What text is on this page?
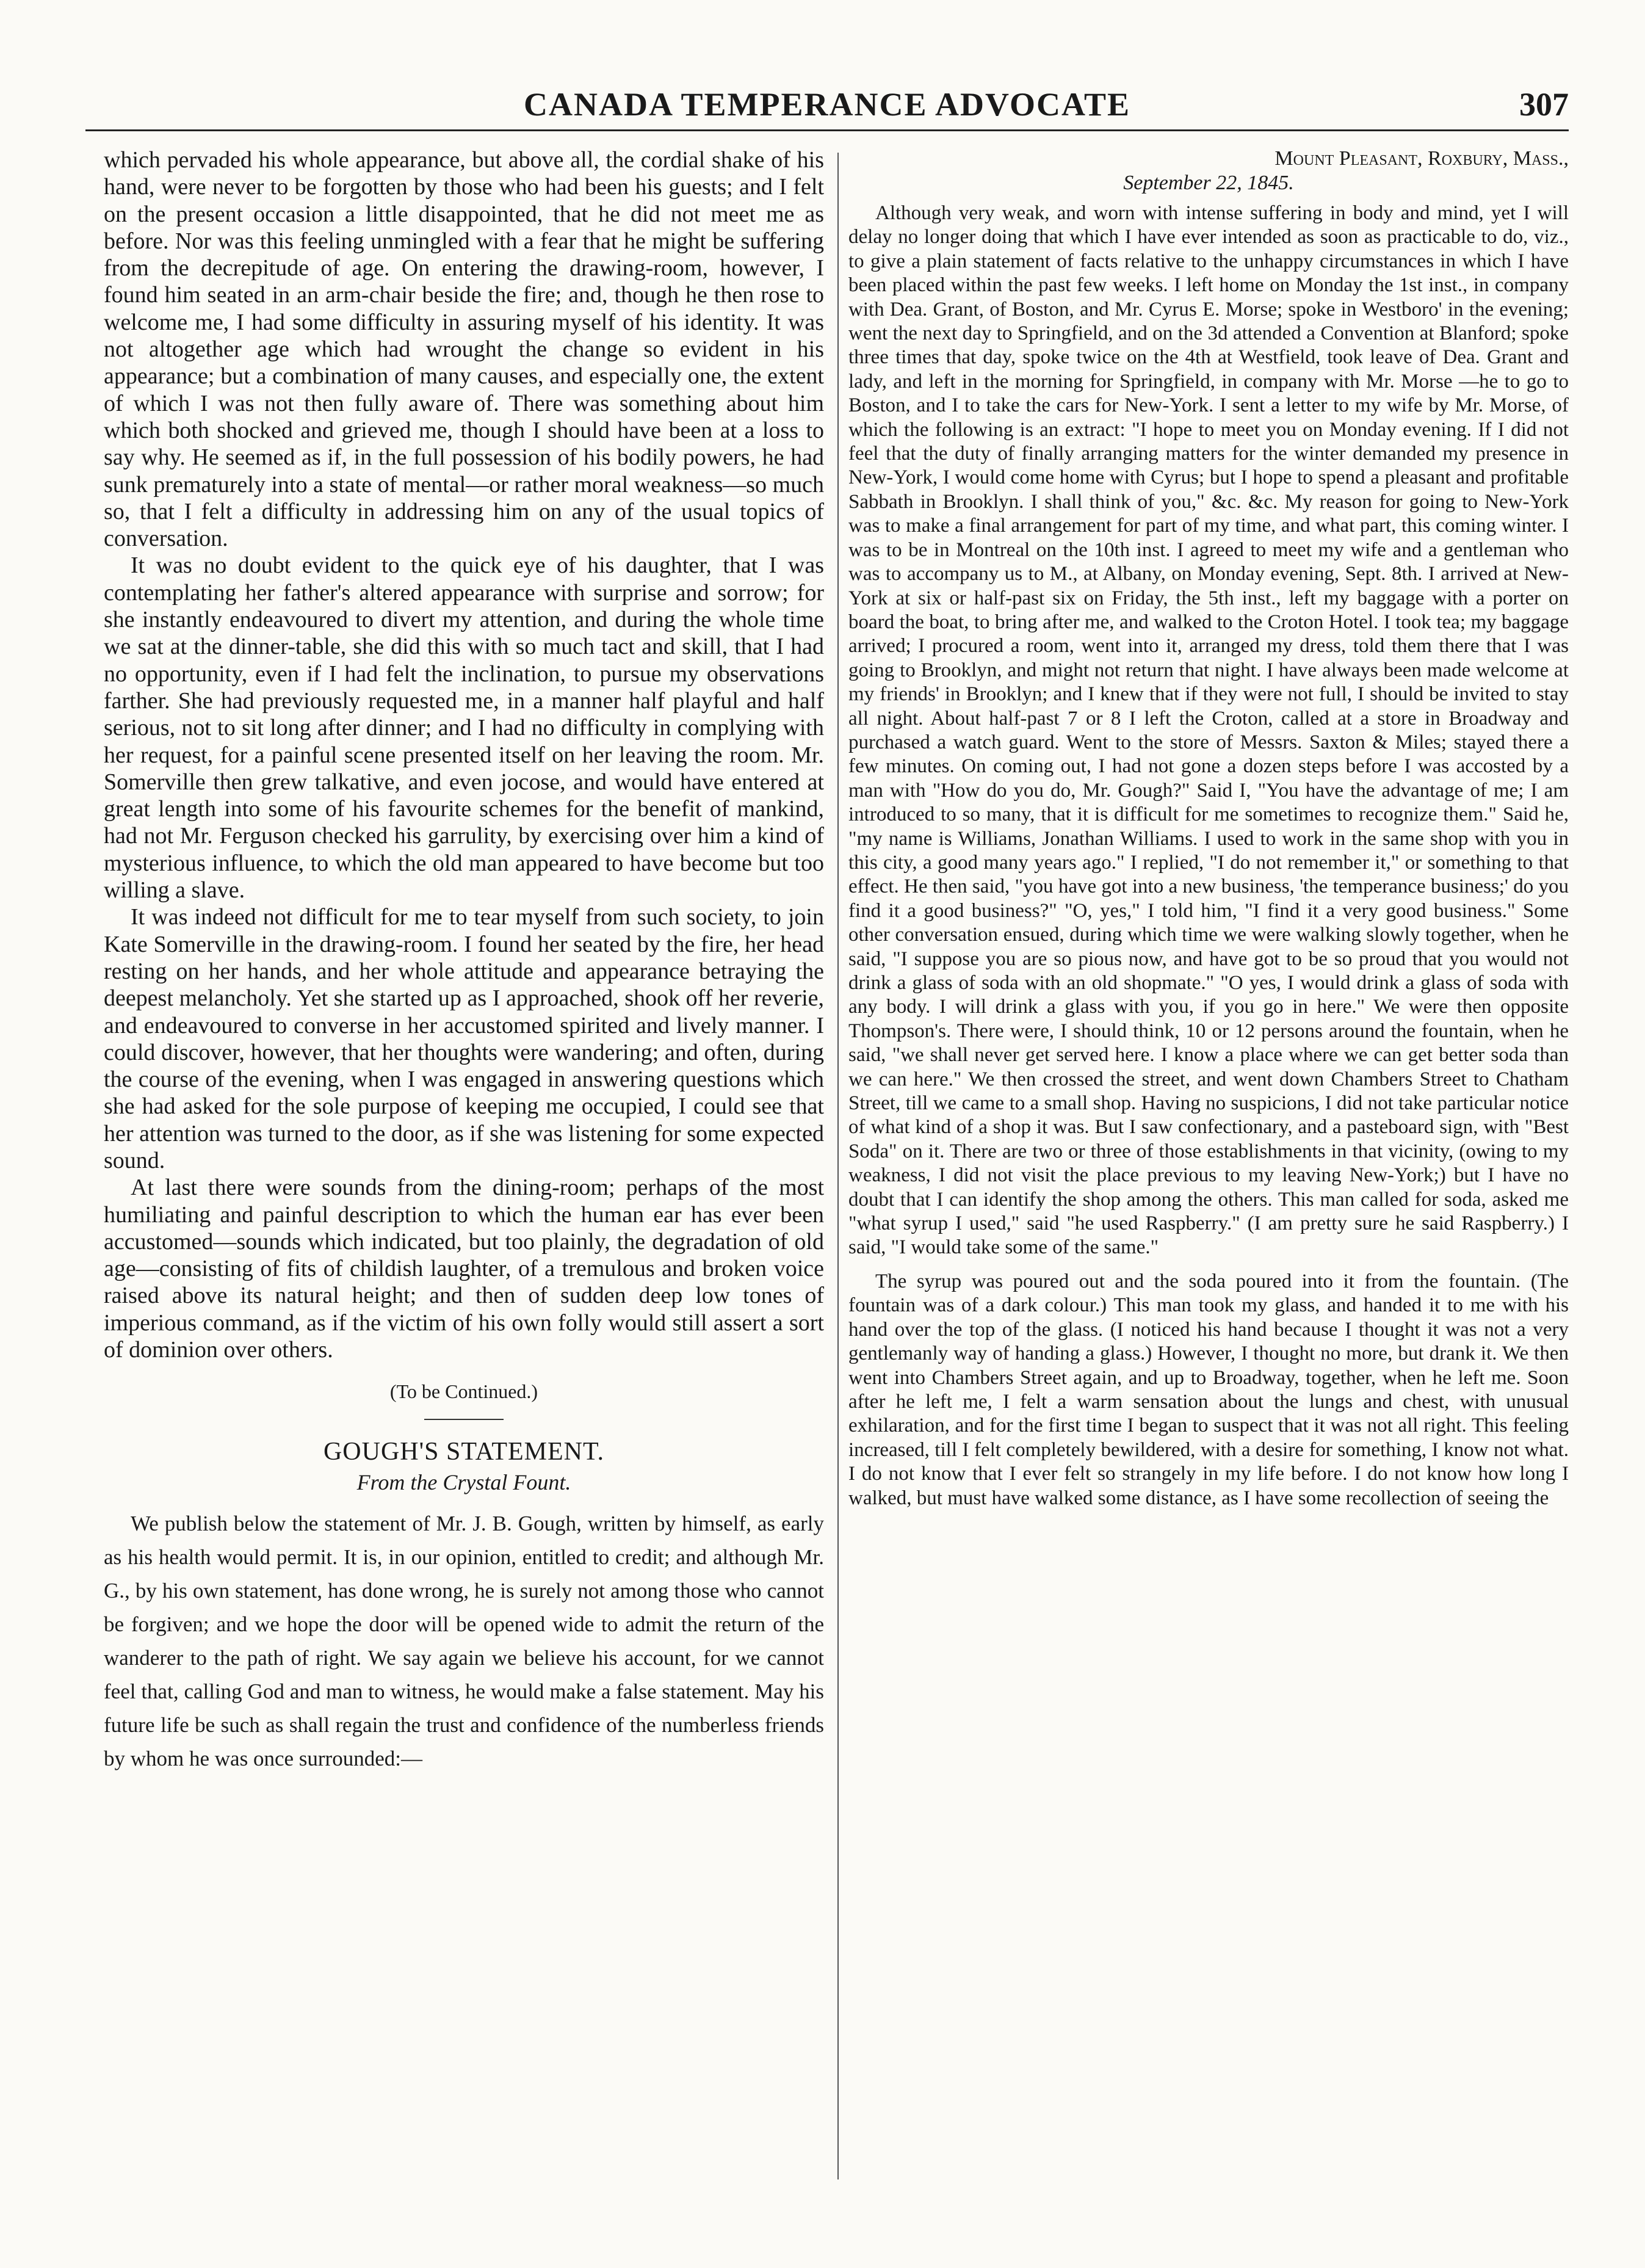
CANADA TEMPERANCE ADVOCATE	307

which pervaded his whole appearance, but above all, the cordial shake of his hand, were never to be forgotten by those who had been his guests; and I felt on the present occasion a little disappointed, that he did not meet me as before. Nor was this feeling unmingled with a fear that he might be suffering from the decrepitude of age. On entering the drawing-room, however, I found him seated in an arm-chair beside the fire; and, though he then rose to welcome me, I had some difficulty in assuring myself of his identity. It was not altogether age which had wrought the change so evident in his appearance; but a combination of many causes, and especially one, the extent of which I was not then fully aware of. There was something about him which both shocked and grieved me, though I should have been at a loss to say why. He seemed as if, in the full possession of his bodily powers, he had sunk prematurely into a state of mental—or rather moral weakness—so much so, that I felt a difficulty in addressing him on any of the usual topics of conversation.

It was no doubt evident to the quick eye of his daughter, that I was contemplating her father's altered appearance with surprise and sorrow; for she instantly endeavoured to divert my attention, and during the whole time we sat at the dinner-table, she did this with so much tact and skill, that I had no opportunity, even if I had felt the inclination, to pursue my observations farther. She had previously requested me, in a manner half playful and half serious, not to sit long after dinner; and I had no difficulty in complying with her request, for a painful scene presented itself on her leaving the room. Mr. Somerville then grew talkative, and even jocose, and would have entered at great length into some of his favourite schemes for the benefit of mankind, had not Mr. Ferguson checked his garrulity, by exercising over him a kind of mysterious influence, to which the old man appeared to have become but too willing a slave.

It was indeed not difficult for me to tear myself from such society, to join Kate Somerville in the drawing-room. I found her seated by the fire, her head resting on her hands, and her whole attitude and appearance betraying the deepest melancholy. Yet she started up as I approached, shook off her reverie, and endeavoured to converse in her accustomed spirited and lively manner. I could discover, however, that her thoughts were wandering; and often, during the course of the evening, when I was engaged in answering questions which she had asked for the sole purpose of keeping me occupied, I could see that her attention was turned to the door, as if she was listening for some expected sound.

At last there were sounds from the dining-room; perhaps of the most humiliating and painful description to which the human ear has ever been accustomed—sounds which indicated, but too plainly, the degradation of old age—consisting of fits of childish laughter, of a tremulous and broken voice raised above its natural height; and then of sudden deep low tones of imperious command, as if the victim of his own folly would still assert a sort of dominion over others.

(To be Continued.)

GOUGH'S STATEMENT.

From the Crystal Fount.

We publish below the statement of Mr. J. B. Gough, written by himself, as early as his health would permit. It is, in our opinion, entitled to credit; and although Mr. G., by his own statement, has done wrong, he is surely not among those who cannot be forgiven; and we hope the door will be opened wide to admit the return of the wanderer to the path of right. We say again we believe his account, for we cannot feel that, calling God and man to witness, he would make a false statement. May his future life be such as shall regain the trust and confidence of the numberless friends by whom he was once surrounded:—

Mount Pleasant, Roxbury, Mass.,

September 22, 1845.

Although very weak, and worn with intense suffering in body and mind, yet I will delay no longer doing that which I have ever intended as soon as practicable to do, viz., to give a plain statement of facts relative to the unhappy circumstances in which I have been placed within the past few weeks. I left home on Monday the 1st inst., in company with Dea. Grant, of Boston, and Mr. Cyrus E. Morse; spoke in Westboro' in the evening; went the next day to Springfield, and on the 3d attended a Convention at Blanford; spoke three times that day, spoke twice on the 4th at Westfield, took leave of Dea. Grant and lady, and left in the morning for Springfield, in company with Mr. Morse —he to go to Boston, and I to take the cars for New-York. I sent a letter to my wife by Mr. Morse, of which the following is an extract: "I hope to meet you on Monday evening. If I did not feel that the duty of finally arranging matters for the winter demanded my presence in New-York, I would come home with Cyrus; but I hope to spend a pleasant and profitable Sabbath in Brooklyn. I shall think of you," &c. &c. My reason for going to New-York was to make a final arrangement for part of my time, and what part, this coming winter. I was to be in Montreal on the 10th inst. I agreed to meet my wife and a gentleman who was to accompany us to M., at Albany, on Monday evening, Sept. 8th. I arrived at New-York at six or half-past six on Friday, the 5th inst., left my baggage with a porter on board the boat, to bring after me, and walked to the Croton Hotel. I took tea; my baggage arrived; I procured a room, went into it, arranged my dress, told them there that I was going to Brooklyn, and might not return that night. I have always been made welcome at my friends' in Brooklyn; and I knew that if they were not full, I should be invited to stay all night. About half-past 7 or 8 I left the Croton, called at a store in Broadway and purchased a watch guard. Went to the store of Messrs. Saxton & Miles; stayed there a few minutes. On coming out, I had not gone a dozen steps before I was accosted by a man with "How do you do, Mr. Gough?" Said I, "You have the advantage of me; I am introduced to so many, that it is difficult for me sometimes to recognize them." Said he, "my name is Williams, Jonathan Williams. I used to work in the same shop with you in this city, a good many years ago." I replied, "I do not remember it," or something to that effect. He then said, "you have got into a new business, 'the temperance business;' do you find it a good business?" "O, yes," I told him, "I find it a very good business." Some other conversation ensued, during which time we were walking slowly together, when he said, "I suppose you are so pious now, and have got to be so proud that you would not drink a glass of soda with an old shopmate." "O yes, I would drink a glass of soda with any body. I will drink a glass with you, if you go in here." We were then opposite Thompson's. There were, I should think, 10 or 12 persons around the fountain, when he said, "we shall never get served here. I know a place where we can get better soda than we can here." We then crossed the street, and went down Chambers Street to Chatham Street, till we came to a small shop. Having no suspicions, I did not take particular notice of what kind of a shop it was. But I saw confectionary, and a pasteboard sign, with "Best Soda" on it. There are two or three of those establishments in that vicinity, (owing to my weakness, I did not visit the place previous to my leaving New-York;) but I have no doubt that I can identify the shop among the others. This man called for soda, asked me "what syrup I used," said "he used Raspberry." (I am pretty sure he said Raspberry.) I said, "I would take some of the same."

The syrup was poured out and the soda poured into it from the fountain. (The fountain was of a dark colour.) This man took my glass, and handed it to me with his hand over the top of the glass. (I noticed his hand because I thought it was not a very gentlemanly way of handing a glass.) However, I thought no more, but drank it. We then went into Chambers Street again, and up to Broadway, together, when he left me. Soon after he left me, I felt a warm sensation about the lungs and chest, with unusual exhilaration, and for the first time I began to suspect that it was not all right. This feeling increased, till I felt completely bewildered, with a desire for something, I know not what. I do not know that I ever felt so strangely in my life before. I do not know how long I walked, but must have walked some distance, as I have some recollection of seeing the
